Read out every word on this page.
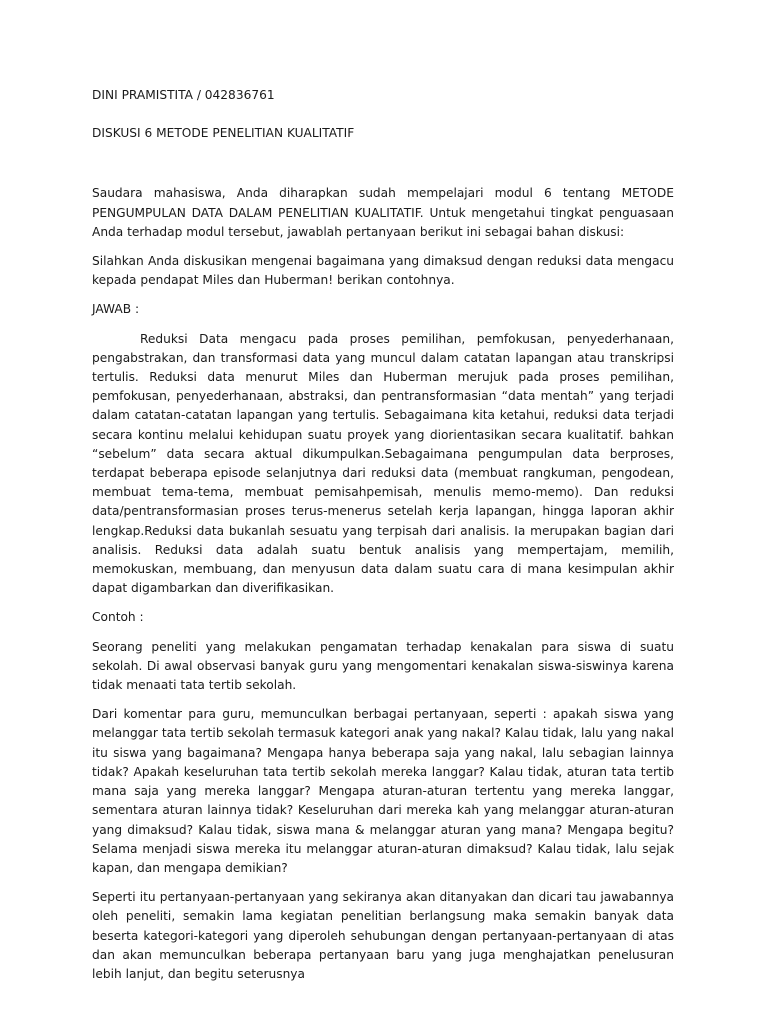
DINI PRAMISTITA / 042836761

DISKUSI 6 METODE PENELITIAN KUALITATIF

Saudara mahasiswa, Anda diharapkan sudah mempelajari modul 6 tentang METODE PENGUMPULAN DATA DALAM PENELITIAN KUALITATIF. Untuk mengetahui tingkat penguasaan Anda terhadap modul tersebut, jawablah pertanyaan berikut ini sebagai bahan diskusi:

Silahkan Anda diskusikan mengenai bagaimana yang dimaksud dengan reduksi data mengacu kepada pendapat Miles dan Huberman! berikan contohnya.

JAWAB :

Reduksi Data mengacu pada proses pemilihan, pemfokusan, penyederhanaan, pengabstrakan, dan transformasi data yang muncul dalam catatan lapangan atau transkripsi tertulis. Reduksi data menurut Miles dan Huberman merujuk pada proses pemilihan, pemfokusan, penyederhanaan, abstraksi, dan pentransformasian “data mentah” yang terjadi dalam catatan-catatan lapangan yang tertulis. Sebagaimana kita ketahui, reduksi data terjadi secara kontinu melalui kehidupan suatu proyek yang diorientasikan secara kualitatif. bahkan “sebelum” data secara aktual dikumpulkan.Sebagaimana pengumpulan data berproses, terdapat beberapa episode selanjutnya dari reduksi data (membuat rangkuman, pengodean, membuat tema-tema, membuat pemisahpemisah, menulis memo-memo). Dan reduksi data/pentransformasian proses terus-menerus setelah kerja lapangan, hingga laporan akhir lengkap.Reduksi data bukanlah sesuatu yang terpisah dari analisis. Ia merupakan bagian dari analisis. Reduksi data adalah suatu bentuk analisis yang mempertajam, memilih, memokuskan, membuang, dan menyusun data dalam suatu cara di mana kesimpulan akhir dapat digambarkan dan diverifikasikan.

Contoh :

Seorang peneliti yang melakukan pengamatan terhadap kenakalan para siswa di suatu sekolah. Di awal observasi banyak guru yang mengomentari kenakalan siswa-siswinya karena tidak menaati tata tertib sekolah.

Dari komentar para guru, memunculkan berbagai pertanyaan, seperti : apakah siswa yang melanggar tata tertib sekolah termasuk kategori anak yang nakal? Kalau tidak, lalu yang nakal itu siswa yang bagaimana? Mengapa hanya beberapa saja yang nakal, lalu sebagian lainnya tidak? Apakah keseluruhan tata tertib sekolah mereka langgar? Kalau tidak, aturan tata tertib mana saja yang mereka langgar? Mengapa aturan-aturan tertentu yang mereka langgar, sementara aturan lainnya tidak? Keseluruhan dari mereka kah yang melanggar aturan-aturan yang dimaksud? Kalau tidak, siswa mana & melanggar aturan yang mana? Mengapa begitu? Selama menjadi siswa mereka itu melanggar aturan-aturan dimaksud? Kalau tidak, lalu sejak kapan, dan mengapa demikian?

Seperti itu pertanyaan-pertanyaan yang sekiranya akan ditanyakan dan dicari tau jawabannya oleh peneliti, semakin lama kegiatan penelitian berlangsung maka semakin banyak data beserta kategori-kategori yang diperoleh sehubungan dengan pertanyaan-pertanyaan di atas dan akan memunculkan beberapa pertanyaan baru yang juga menghajatkan penelusuran lebih lanjut, dan begitu seterusnya
